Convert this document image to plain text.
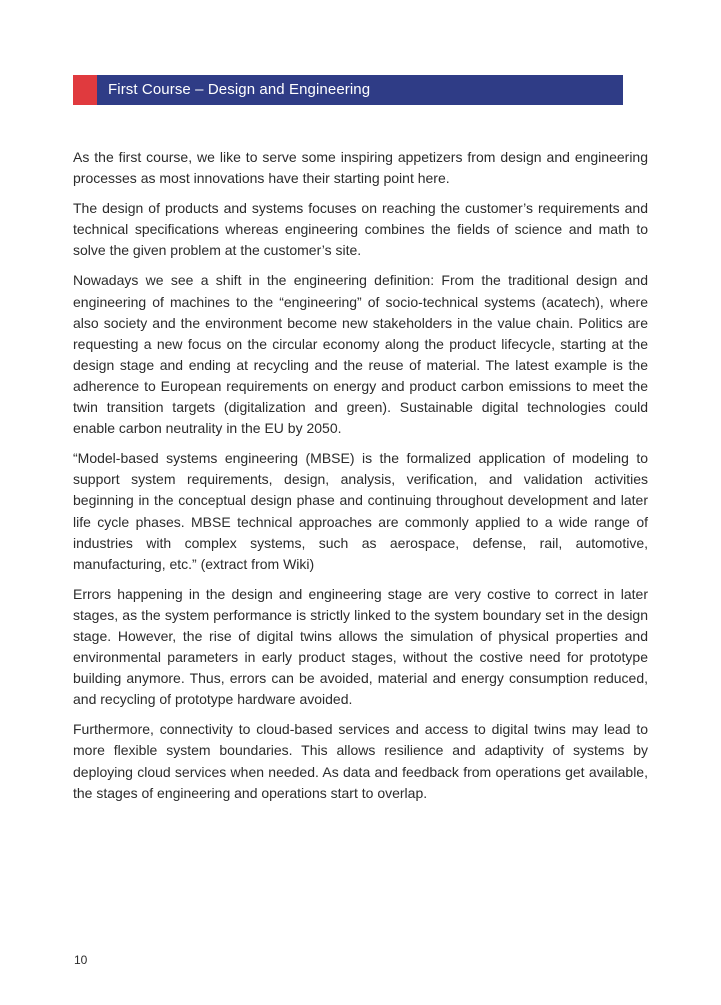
First Course – Design and Engineering

As the first course, we like to serve some inspiring appetizers from design and engineering processes as most innovations have their starting point here.

The design of products and systems focuses on reaching the customer’s requirements and technical specifications whereas engineering combines the fields of science and math to solve the given problem at the customer’s site.

Nowadays we see a shift in the engineering definition: From the traditional design and engineering of machines to the “engineering” of socio-technical systems (acatech), where also society and the environment become new stakeholders in the value chain. Politics are requesting a new focus on the circular economy along the product lifecycle, starting at the design stage and ending at recycling and the reuse of material. The latest example is the adherence to European requirements on energy and product carbon emissions to meet the twin transition targets (digitalization and green). Sustainable digital technologies could enable carbon neutrality in the EU by 2050.

“Model-based systems engineering (MBSE) is the formalized application of modeling to support system requirements, design, analysis, verification, and validation activities beginning in the conceptual design phase and continuing throughout development and later life cycle phases. MBSE technical approaches are commonly applied to a wide range of industries with complex systems, such as aerospace, defense, rail, automotive, manufacturing, etc.” (extract from Wiki)

Errors happening in the design and engineering stage are very costive to correct in later stages, as the system performance is strictly linked to the system boundary set in the design stage. However, the rise of digital twins allows the simulation of physical properties and environmental parameters in early product stages, without the costive need for prototype building anymore. Thus, errors can be avoided, material and energy consumption reduced, and recycling of prototype hardware avoided.

Furthermore, connectivity to cloud-based services and access to digital twins may lead to more flexible system boundaries. This allows resilience and adaptivity of systems by deploying cloud services when needed. As data and feedback from operations get available, the stages of engineering and operations start to overlap.

10
